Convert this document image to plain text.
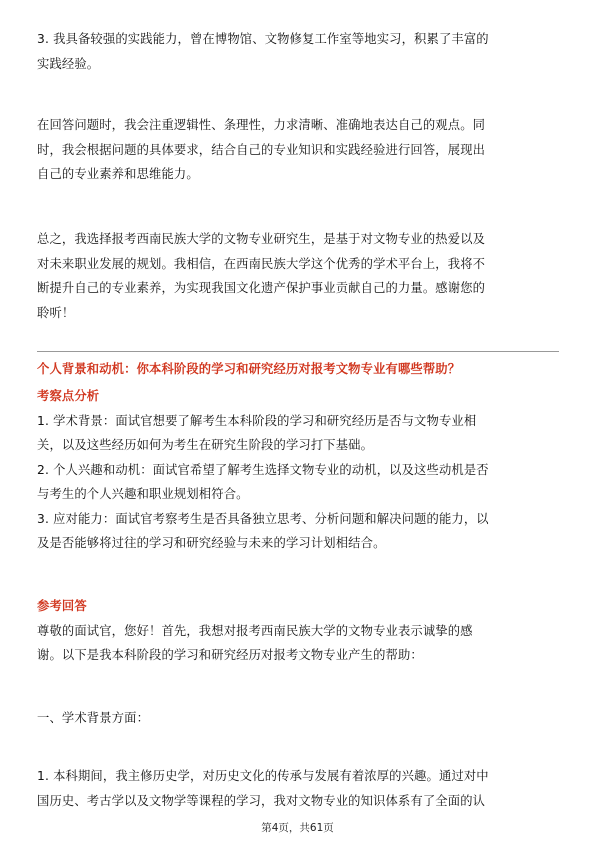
3. 我具备较强的实践能力，曾在博物馆、文物修复工作室等地实习，积累了丰富的

实践经验。

在回答问题时，我会注重逻辑性、条理性，力求清晰、准确地表达自己的观点。同

时，我会根据问题的具体要求，结合自己的专业知识和实践经验进行回答，展现出

自己的专业素养和思维能力。

总之，我选择报考西南民族大学的文物专业研究生，是基于对文物专业的热爱以及

对未来职业发展的规划。我相信，在西南民族大学这个优秀的学术平台上，我将不

断提升自己的专业素养，为实现我国文化遗产保护事业贡献自己的力量。感谢您的

聆听！

个人背景和动机：你本科阶段的学习和研究经历对报考文物专业有哪些帮助？

考察点分析

1. 学术背景：面试官想要了解考生本科阶段的学习和研究经历是否与文物专业相

关，以及这些经历如何为考生在研究生阶段的学习打下基础。

2. 个人兴趣和动机：面试官希望了解考生选择文物专业的动机，以及这些动机是否

与考生的个人兴趣和职业规划相符合。

3. 应对能力：面试官考察考生是否具备独立思考、分析问题和解决问题的能力，以

及是否能够将过往的学习和研究经验与未来的学习计划相结合。

参考回答

尊敬的面试官，您好！首先，我想对报考西南民族大学的文物专业表示诚挚的感

谢。以下是我本科阶段的学习和研究经历对报考文物专业产生的帮助：

一、学术背景方面：

1. 本科期间，我主修历史学，对历史文化的传承与发展有着浓厚的兴趣。通过对中

国历史、考古学以及文物学等课程的学习，我对文物专业的知识体系有了全面的认

第4页，共61页
